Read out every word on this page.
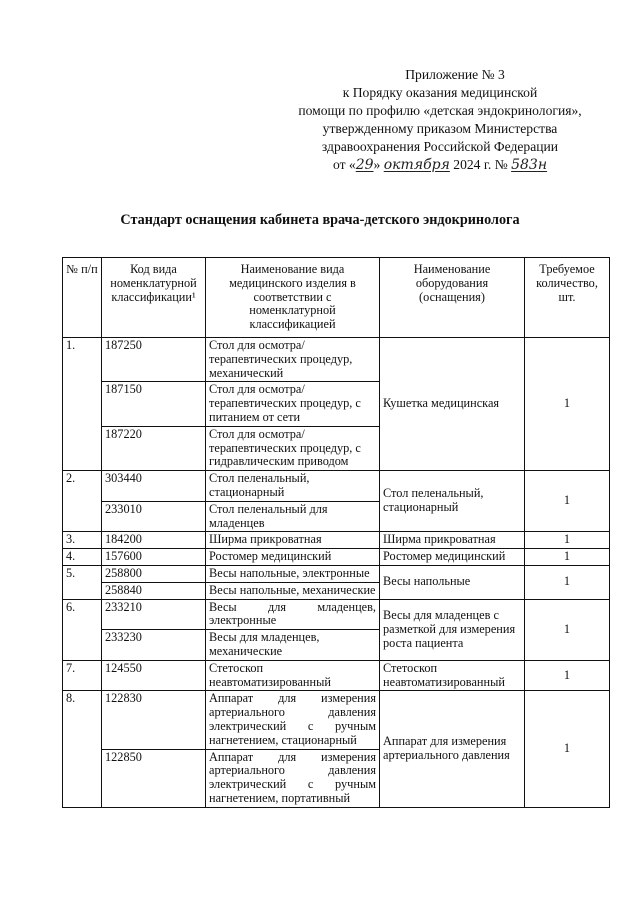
Приложение № 3
к Порядку оказания медицинской
помощи по профилю «детская эндокринология»,
утвержденному приказом Министерства
здравоохранения Российской Федерации
от «29» октября 2024 г. № 583н
Стандарт оснащения кабинета врача-детского эндокринолога
№ п/п	Код вида номенклатурной классификации¹	Наименование вида медицинского изделия в соответствии с номенклатурной классификацией	Наименование оборудования (оснащения)	Требуемое количество, шт.
1.	187250	Стол для осмотра/терапевтических процедур, механический	Кушетка медицинская	1
	187150	Стол для осмотра/терапевтических процедур, с питанием от сети		
	187220	Стол для осмотра/терапевтических процедур, с гидравлическим приводом		
2.	303440	Стол пеленальный, стационарный	Стол пеленальный, стационарный	1
	233010	Стол пеленальный для младенцев		
3.	184200	Ширма прикроватная	Ширма прикроватная	1
4.	157600	Ростомер медицинский	Ростомер медицинский	1
5.	258800	Весы напольные, электронные	Весы напольные	1
	258840	Весы напольные, механические		
6.	233210	Весы для младенцев, электронные	Весы для младенцев с разметкой для измерения роста пациента	1
	233230	Весы для младенцев, механические		
7.	124550	Стетоскоп неавтоматизированный	Стетоскоп неавтоматизированный	1
8.	122830	Аппарат для измерения артериального давления электрический с ручным нагнетением, стационарный	Аппарат для измерения артериального давления	1
	122850	Аппарат для измерения артериального давления электрический с ручным нагнетением, портативный		
